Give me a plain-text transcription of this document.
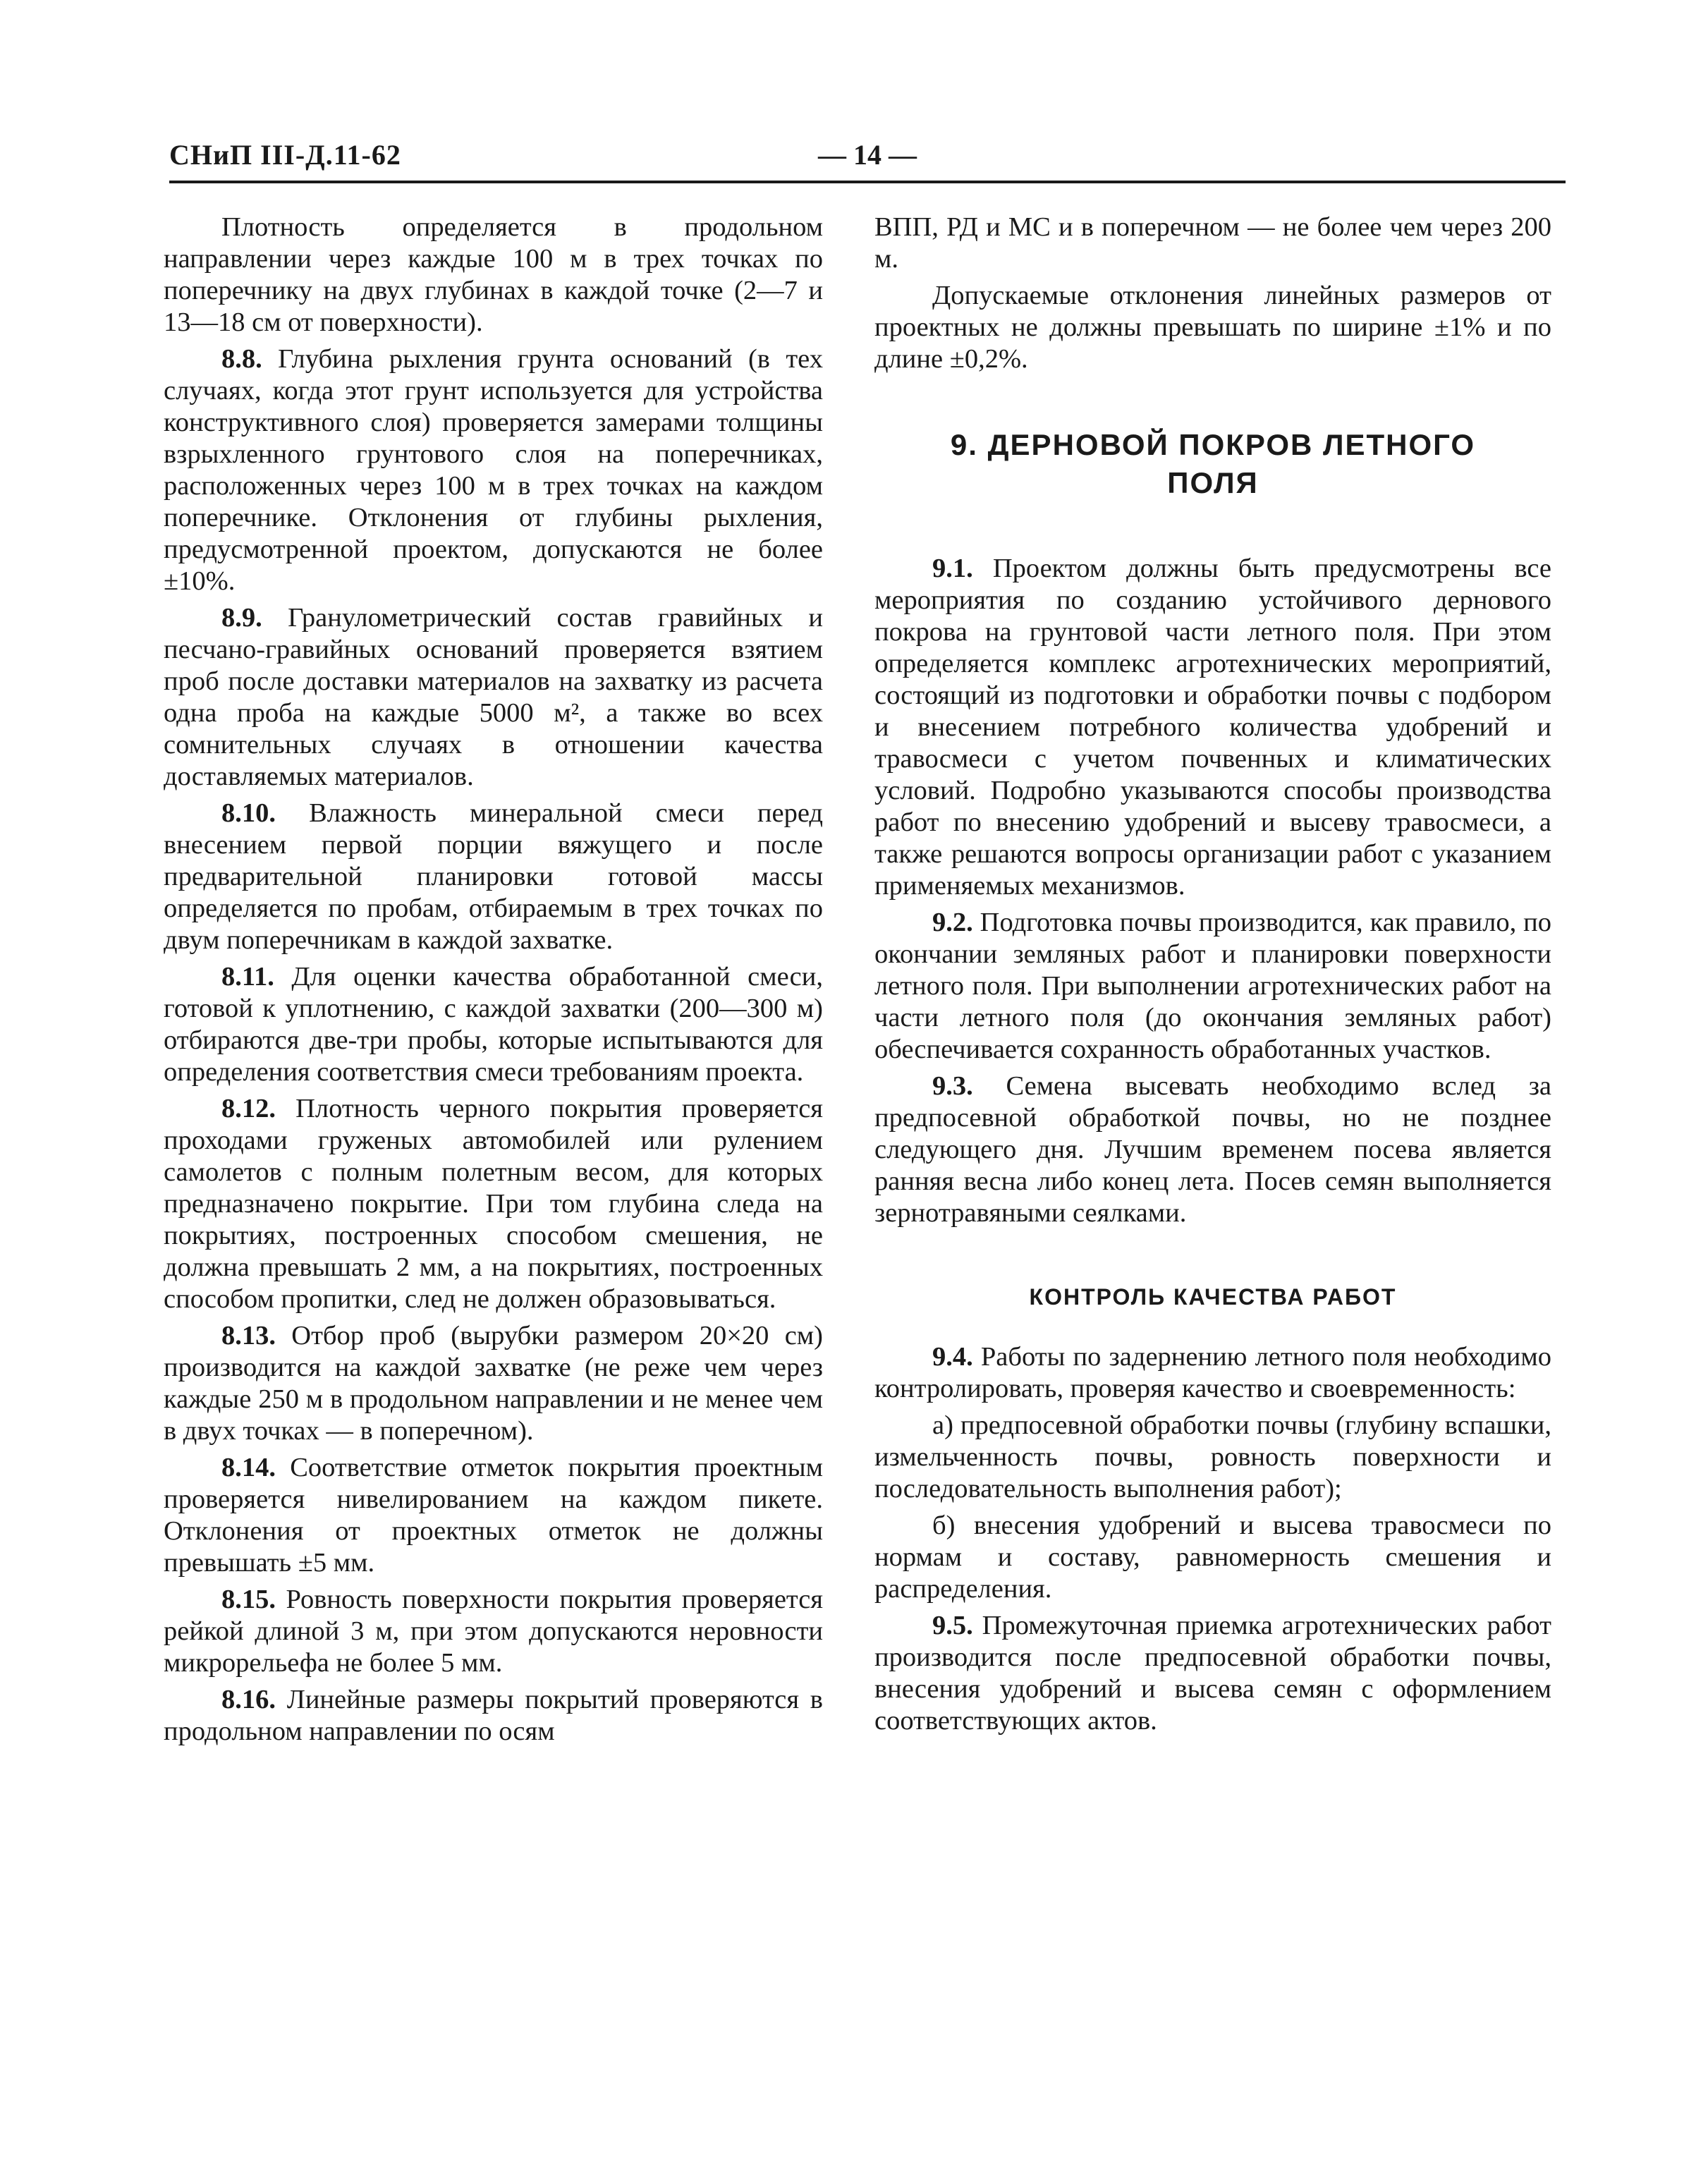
СНиП III-Д.11-62	— 14 —

Плотность определяется в продольном направлении через каждые 100 м в трех точках по поперечнику на двух глубинах в каждой точке (2—7 и 13—18 см от поверхности).

8.8. Глубина рыхления грунта оснований (в тех случаях, когда этот грунт используется для устройства конструктивного слоя) проверяется замерами толщины взрыхленного грунтового слоя на поперечниках, расположенных через 100 м в трех точках на каждом поперечнике. Отклонения от глубины рыхления, предусмотренной проектом, допускаются не более ±10%.

8.9. Гранулометрический состав гравийных и песчано-гравийных оснований проверяется взятием проб после доставки материалов на захватку из расчета одна проба на каждые 5000 м², а также во всех сомнительных случаях в отношении качества доставляемых материалов.

8.10. Влажность минеральной смеси перед внесением первой порции вяжущего и после предварительной планировки готовой массы определяется по пробам, отбираемым в трех точках по двум поперечникам в каждой захватке.

8.11. Для оценки качества обработанной смеси, готовой к уплотнению, с каждой захватки (200—300 м) отбираются две-три пробы, которые испытываются для определения соответствия смеси требованиям проекта.

8.12. Плотность черного покрытия проверяется проходами груженых автомобилей или рулением самолетов с полным полетным весом, для которых предназначено покрытие. При том глубина следа на покрытиях, построенных способом смешения, не должна превышать 2 мм, а на покрытиях, построенных способом пропитки, след не должен образовываться.

8.13. Отбор проб (вырубки размером 20×20 см) производится на каждой захватке (не реже чем через каждые 250 м в продольном направлении и не менее чем в двух точках — в поперечном).

8.14. Соответствие отметок покрытия проектным проверяется нивелированием на каждом пикете. Отклонения от проектных отметок не должны превышать ±5 мм.

8.15. Ровность поверхности покрытия проверяется рейкой длиной 3 м, при этом допускаются неровности микрорельефа не более 5 мм.

8.16. Линейные размеры покрытий проверяются в продольном направлении по осям

ВПП, РД и МС и в поперечном — не более чем через 200 м.

Допускаемые отклонения линейных размеров от проектных не должны превышать по ширине ±1% и по длине ±0,2%.

9. ДЕРНОВОЙ ПОКРОВ ЛЕТНОГО
ПОЛЯ

9.1. Проектом должны быть предусмотрены все мероприятия по созданию устойчивого дернового покрова на грунтовой части летного поля. При этом определяется комплекс агротехнических мероприятий, состоящий из подготовки и обработки почвы с подбором и внесением потребного количества удобрений и травосмеси с учетом почвенных и климатических условий. Подробно указываются способы производства работ по внесению удобрений и высеву травосмеси, а также решаются вопросы организации работ с указанием применяемых механизмов.

9.2. Подготовка почвы производится, как правило, по окончании земляных работ и планировки поверхности летного поля. При выполнении агротехнических работ на части летного поля (до окончания земляных работ) обеспечивается сохранность обработанных участков.

9.3. Семена высевать необходимо вслед за предпосевной обработкой почвы, но не позднее следующего дня. Лучшим временем посева является ранняя весна либо конец лета. Посев семян выполняется зернотравяными сеялками.

КОНТРОЛЬ КАЧЕСТВА РАБОТ

9.4. Работы по задернению летного поля необходимо контролировать, проверяя качество и своевременность:

а) предпосевной обработки почвы (глубину вспашки, измельченность почвы, ровность поверхности и последовательность выполнения работ);

б) внесения удобрений и высева травосмеси по нормам и составу, равномерность смешения и распределения.

9.5. Промежуточная приемка агротехнических работ производится после предпосевной обработки почвы, внесения удобрений и высева семян с оформлением соответствующих актов.
